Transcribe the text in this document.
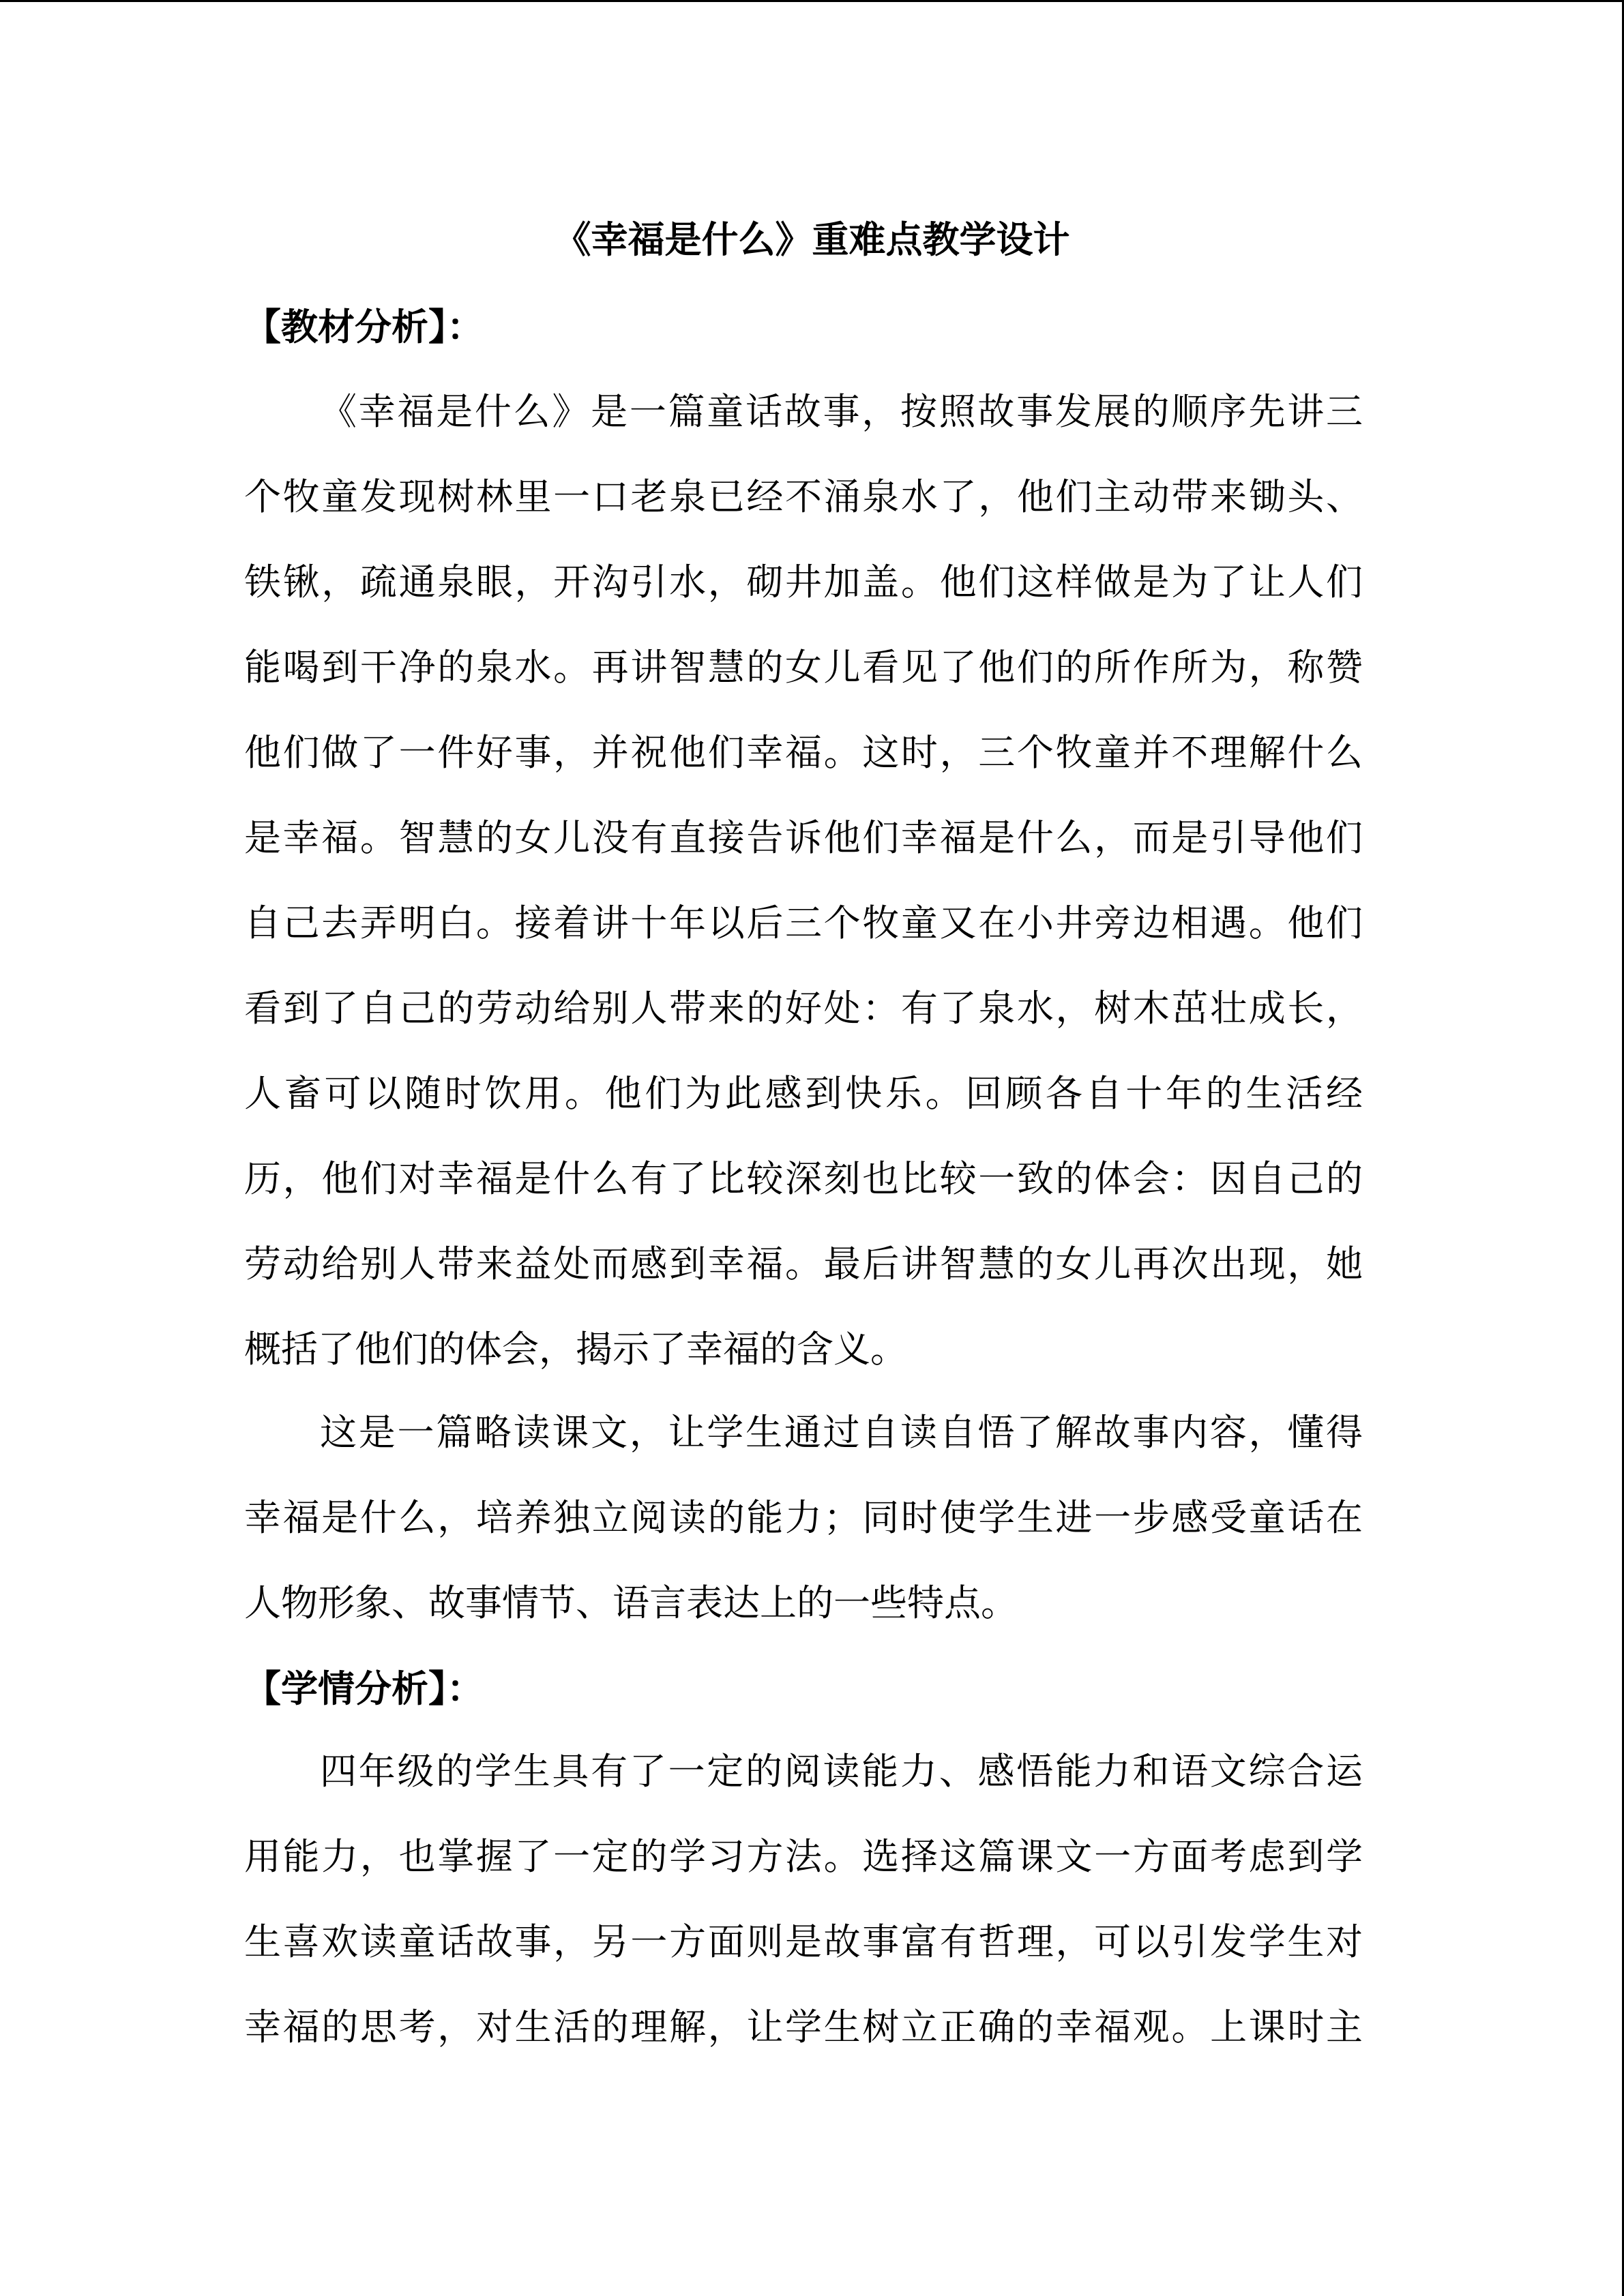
《幸福是什么》重难点教学设计
【教材分析】：
《幸福是什么》是一篇童话故事，按照故事发展的顺序先讲三
个牧童发现树林里一口老泉已经不涌泉水了，他们主动带来锄头、
铁锹，疏通泉眼，开沟引水，砌井加盖。他们这样做是为了让人们
能喝到干净的泉水。再讲智慧的女儿看见了他们的所作所为，称赞
他们做了一件好事，并祝他们幸福。这时，三个牧童并不理解什么
是幸福。智慧的女儿没有直接告诉他们幸福是什么，而是引导他们
自己去弄明白。接着讲十年以后三个牧童又在小井旁边相遇。他们
看到了自己的劳动给别人带来的好处：有了泉水，树木茁壮成长，
人畜可以随时饮用。他们为此感到快乐。回顾各自十年的生活经
历，他们对幸福是什么有了比较深刻也比较一致的体会：因自己的
劳动给别人带来益处而感到幸福。最后讲智慧的女儿再次出现，她
概括了他们的体会，揭示了幸福的含义。
这是一篇略读课文，让学生通过自读自悟了解故事内容，懂得
幸福是什么，培养独立阅读的能力；同时使学生进一步感受童话在
人物形象、故事情节、语言表达上的一些特点。
【学情分析】：
四年级的学生具有了一定的阅读能力、感悟能力和语文综合运
用能力，也掌握了一定的学习方法。选择这篇课文一方面考虑到学
生喜欢读童话故事，另一方面则是故事富有哲理，可以引发学生对
幸福的思考，对生活的理解，让学生树立正确的幸福观。上课时主
